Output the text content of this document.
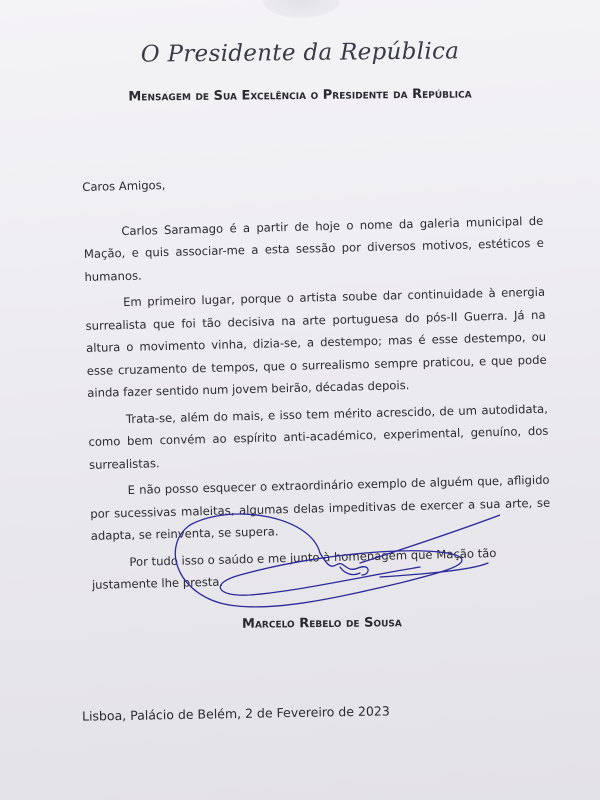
O Presidente da República
Mensagem de Sua Excelência o Presidente da República

Caros Amigos,

Carlos Saramago é a partir de hoje o nome da galeria municipal de Mação, e quis associar-me a esta sessão por diversos motivos, estéticos e humanos.

Em primeiro lugar, porque o artista soube dar continuidade à energia surrealista que foi tão decisiva na arte portuguesa do pós-II Guerra. Já na altura o movimento vinha, dizia-se, a destempo; mas é esse destempo, ou esse cruzamento de tempos, que o surrealismo sempre praticou, e que pode ainda fazer sentido num jovem beirão, décadas depois.

Trata-se, além do mais, e isso tem mérito acrescido, de um autodidata, como bem convém ao espírito anti-académico, experimental, genuíno, dos surrealistas.

E não posso esquecer o extraordinário exemplo de alguém que, afligido por sucessivas maleitas, algumas delas impeditivas de exercer a sua arte, se adapta, se reinventa, se supera.

Por tudo isso o saúdo e me junto à homenagem que Mação tão justamente lhe presta.

Marcelo Rebelo de Sousa
Lisboa, Palácio de Belém, 2 de Fevereiro de 2023
